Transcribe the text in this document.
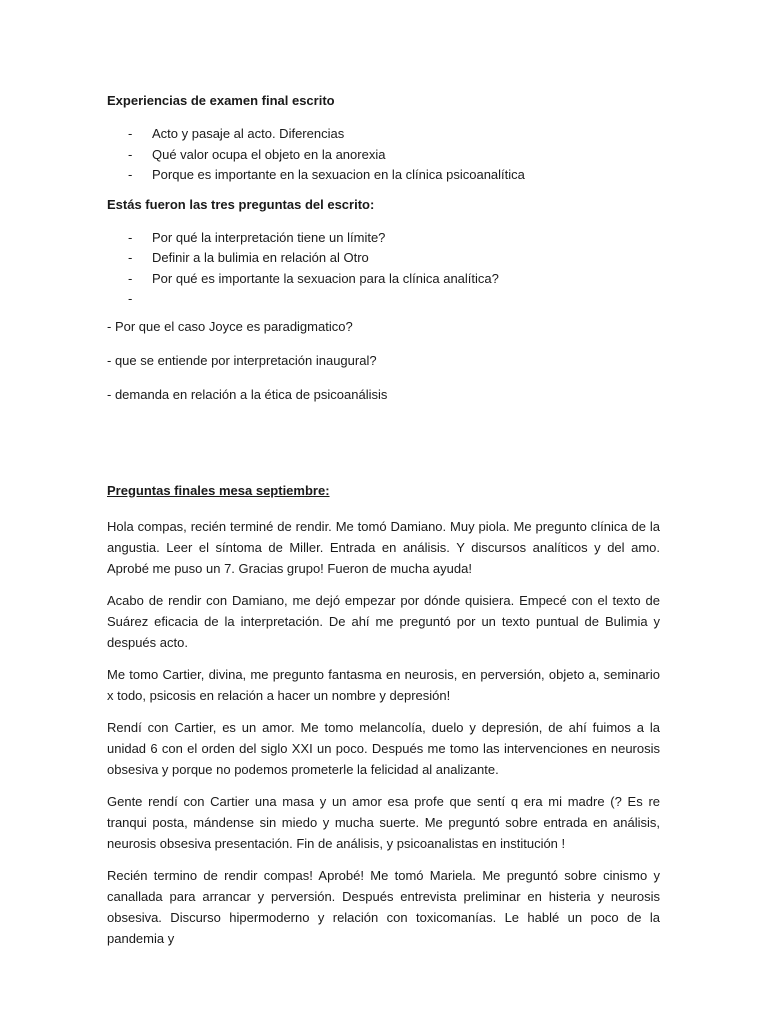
Experiencias de examen final escrito
- Acto y pasaje al acto. Diferencias
- Qué valor ocupa el objeto en la anorexia
- Porque es importante en la sexuacion en la clínica psicoanalítica
Estás fueron las tres preguntas del escrito:
- Por qué la interpretación tiene un límite?
- Definir a la bulimia en relación al Otro
- Por qué es importante la sexuacion para la clínica analítica?
-

- Por que el caso Joyce es paradigmatico?

- que se entiende por interpretación inaugural?

- demanda en relación a la ética de psicoanálisis

Preguntas finales mesa septiembre:

Hola compas, recién terminé de rendir. Me tomó Damiano. Muy piola. Me pregunto clínica de la angustia. Leer el síntoma de Miller. Entrada en análisis. Y discursos analíticos y del amo. Aprobé me puso un 7. Gracias grupo! Fueron de mucha ayuda!

Acabo de rendir con Damiano, me dejó empezar por dónde quisiera. Empecé con el texto de Suárez eficacia de la interpretación. De ahí me preguntó por un texto puntual de Bulimia y después acto.

Me tomo Cartier, divina, me pregunto fantasma en neurosis, en perversión, objeto a, seminario x todo, psicosis en relación a hacer un nombre y depresión!

Rendí con Cartier, es un amor. Me tomo melancolía, duelo y depresión, de ahí fuimos a la unidad 6 con el orden del siglo XXI un poco. Después me tomo las intervenciones en neurosis obsesiva y porque no podemos prometerle la felicidad al analizante.

Gente rendí con Cartier una masa y un amor esa profe que sentí q era mi madre (? Es re tranqui posta, mándense sin miedo y mucha suerte. Me preguntó sobre entrada en análisis, neurosis obsesiva presentación. Fin de análisis, y psicoanalistas en institución !

Recién termino de rendir compas! Aprobé! Me tomó Mariela. Me preguntó sobre cinismo y canallada para arrancar y perversión. Después entrevista preliminar en histeria y neurosis obsesiva. Discurso hipermoderno y relación con toxicomanías. Le hablé un poco de la pandemia y
